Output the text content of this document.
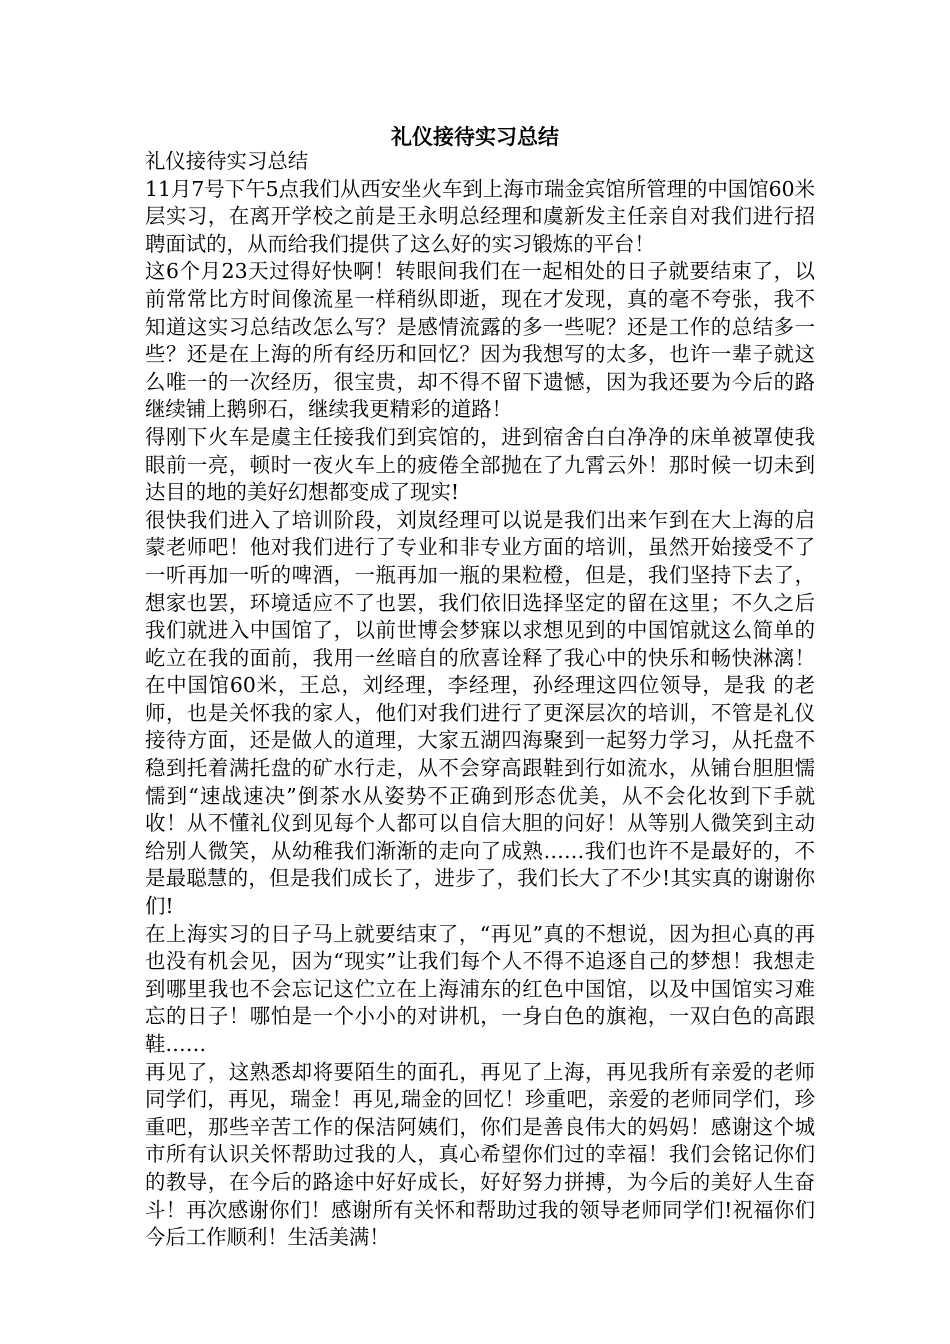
礼仪接待实习总结

礼仪接待实习总结

11月7号下午5点我们从西安坐火车到上海市瑞金宾馆所管理的中国馆60米层实习，在离开学校之前是王永明总经理和虞新发主任亲自对我们进行招聘面试的，从而给我们提供了这么好的实习锻炼的平台！

这6个月23天过得好快啊！转眼间我们在一起相处的日子就要结束了，以前常常比方时间像流星一样稍纵即逝，现在才发现，真的毫不夸张，我不知道这实习总结改怎么写？是感情流露的多一些呢？还是工作的总结多一些？还是在上海的所有经历和回忆？因为我想写的太多，也许一辈子就这么唯一的一次经历，很宝贵，却不得不留下遗憾，因为我还要为今后的路继续铺上鹅卵石，继续我更精彩的道路！

得刚下火车是虞主任接我们到宾馆的，进到宿舍白白净净的床单被罩使我眼前一亮，顿时一夜火车上的疲倦全部抛在了九霄云外！那时候一切未到达目的地的美好幻想都变成了现实!

很快我们进入了培训阶段，刘岚经理可以说是我们出来乍到在大上海的启蒙老师吧！他对我们进行了专业和非专业方面的培训，虽然开始接受不了一听再加一听的啤酒，一瓶再加一瓶的果粒橙，但是，我们坚持下去了，想家也罢，环境适应不了也罢，我们依旧选择坚定的留在这里；不久之后我们就进入中国馆了，以前世博会梦寐以求想见到的中国馆就这么简单的屹立在我的面前，我用一丝暗自的欣喜诠释了我心中的快乐和畅快淋漓！在中国馆60米，王总，刘经理，李经理，孙经理这四位领导，是我 的老师，也是关怀我的家人，他们对我们进行了更深层次的培训，不管是礼仪接待方面，还是做人的道理，大家五湖四海聚到一起努力学习，从托盘不稳到托着满托盘的矿水行走，从不会穿高跟鞋到行如流水，从铺台胆胆懦懦到“速战速决”倒茶水从姿势不正确到形态优美，从不会化妆到下手就收！从不懂礼仪到见每个人都可以自信大胆的问好！从等别人微笑到主动给别人微笑，从幼稚我们渐渐的走向了成熟……我们也许不是最好的，不是最聪慧的，但是我们成长了，进步了，我们长大了不少!其实真的谢谢你们!

在上海实习的日子马上就要结束了，“再见”真的不想说，因为担心真的再也没有机会见，因为“现实”让我们每个人不得不追逐自己的梦想！我想走到哪里我也不会忘记这伫立在上海浦东的红色中国馆，以及中国馆实习难忘的日子！哪怕是一个小小的对讲机，一身白色的旗袍，一双白色的高跟鞋……

再见了，这熟悉却将要陌生的面孔，再见了上海，再见我所有亲爱的老师同学们，再见，瑞金！再见,瑞金的回忆！珍重吧，亲爱的老师同学们，珍重吧，那些辛苦工作的保洁阿姨们，你们是善良伟大的妈妈！感谢这个城市所有认识关怀帮助过我的人，真心希望你们过的幸福！我们会铭记你们的教导，在今后的路途中好好成长，好好努力拼搏，为今后的美好人生奋斗！再次感谢你们！感谢所有关怀和帮助过我的领导老师同学们!祝福你们今后工作顺利！生活美满！
